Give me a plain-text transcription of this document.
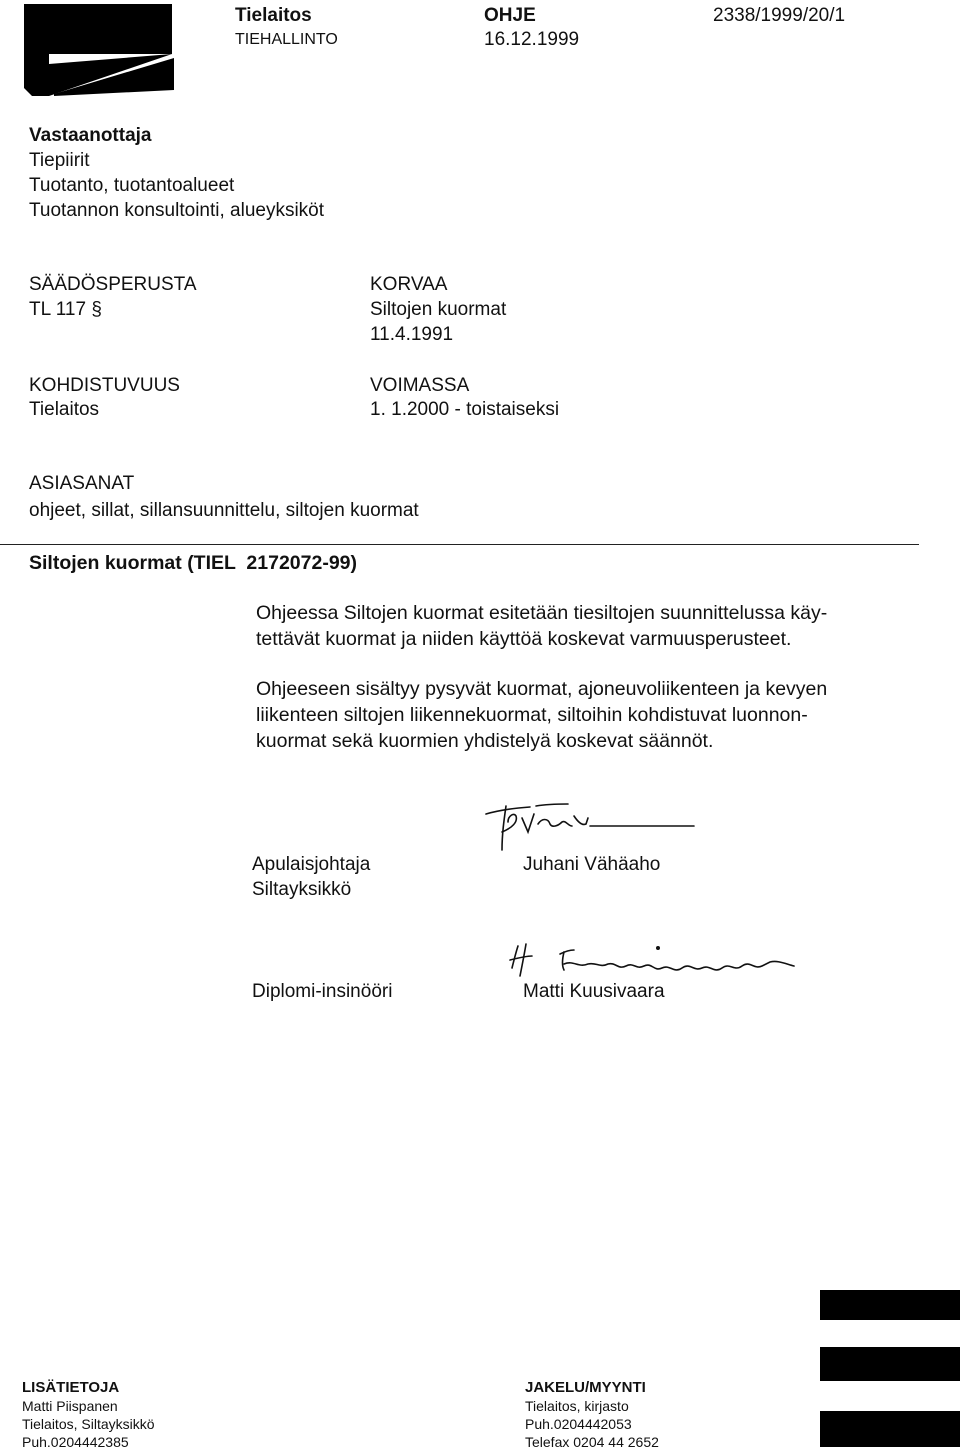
Tielaitos
TIEHALLINTO
OHJE
16.12.1999
2338/1999/20/1
Vastaanottaja
Tiepiirit
Tuotanto, tuotantoalueet
Tuotannon konsultointi, alueyksiköt
SÄÄDÖSPERUSTA
TL 117 §
KOHDISTUVUUS
Tielaitos
KORVAA
Siltojen kuormat
11.4.1991
VOIMASSA
1. 1.2000 - toistaiseksi
ASIASANAT
ohjeet, sillat, sillansuunnittelu, siltojen kuormat
Siltojen kuormat (TIEL  2172072-99)
Ohjeessa Siltojen kuormat esitetään tiesiltojen suunnittelussa käy-
tettävät kuormat ja niiden käyttöä koskevat varmuusperusteet.
Ohjeeseen sisältyy pysyvät kuormat, ajoneuvoliikenteen ja kevyen
liikenteen siltojen liikennekuormat, siltoihin kohdistuvat luonnon-
kuormat sekä kuormien yhdistelyä koskevat säännöt.
Apulaisjohtaja
Siltayksikkö
Juhani Vähäaho
Diplomi-insinööri	Matti Kuusivaara
LISÄTIETOJA
Matti Piispanen
Tielaitos, Siltayksikkö
Puh.0204442385
JAKELU/MYYNTI
Tielaitos, kirjasto
Puh.0204442053
Telefax 0204 44 2652
